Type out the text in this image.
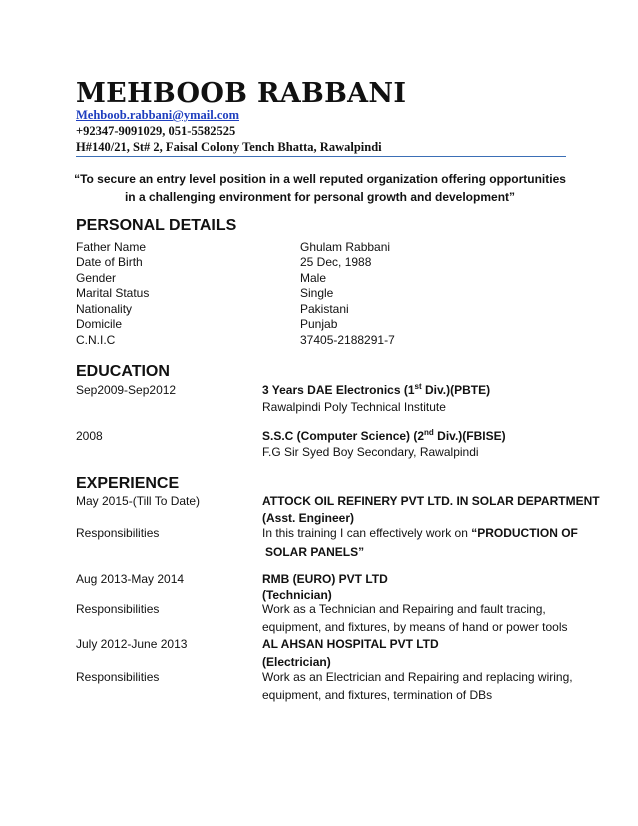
MEHBOOB RABBANI
Mehboob.rabbani@ymail.com
+92347-9091029, 051-5582525
H#140/21, St# 2, Faisal Colony Tench Bhatta, Rawalpindi
“To secure an entry level position in a well reputed organization offering opportunities in a challenging environment for personal growth and development”
PERSONAL DETAILS
Father Name	Ghulam Rabbani
Date of Birth	25 Dec, 1988
Gender	Male
Marital Status	Single
Nationality	Pakistani
Domicile	Punjab
C.N.I.C	37405-2188291-7
EDUCATION
Sep2009-Sep2012	3 Years DAE Electronics (1st Div.)(PBTE)
Rawalpindi Poly Technical Institute
2008	S.S.C (Computer Science) (2nd Div.)(FBISE)
F.G Sir Syed Boy Secondary, Rawalpindi
EXPERIENCE
May 2015-(Till To Date)	ATTOCK OIL REFINERY PVT LTD. IN SOLAR DEPARTMENT
(Asst. Engineer)
Responsibilities	In this training I can effectively work on “PRODUCTION OF
SOLAR PANELS”
Aug 2013-May 2014	RMB (EURO) PVT LTD
(Technician)
Responsibilities	Work as a Technician and Repairing and fault tracing,
equipment, and fixtures, by means of hand or power tools
July 2012-June 2013	AL AHSAN HOSPITAL PVT LTD
(Electrician)
Responsibilities	Work as an Electrician and Repairing and replacing wiring,
equipment, and fixtures, termination of DBs
